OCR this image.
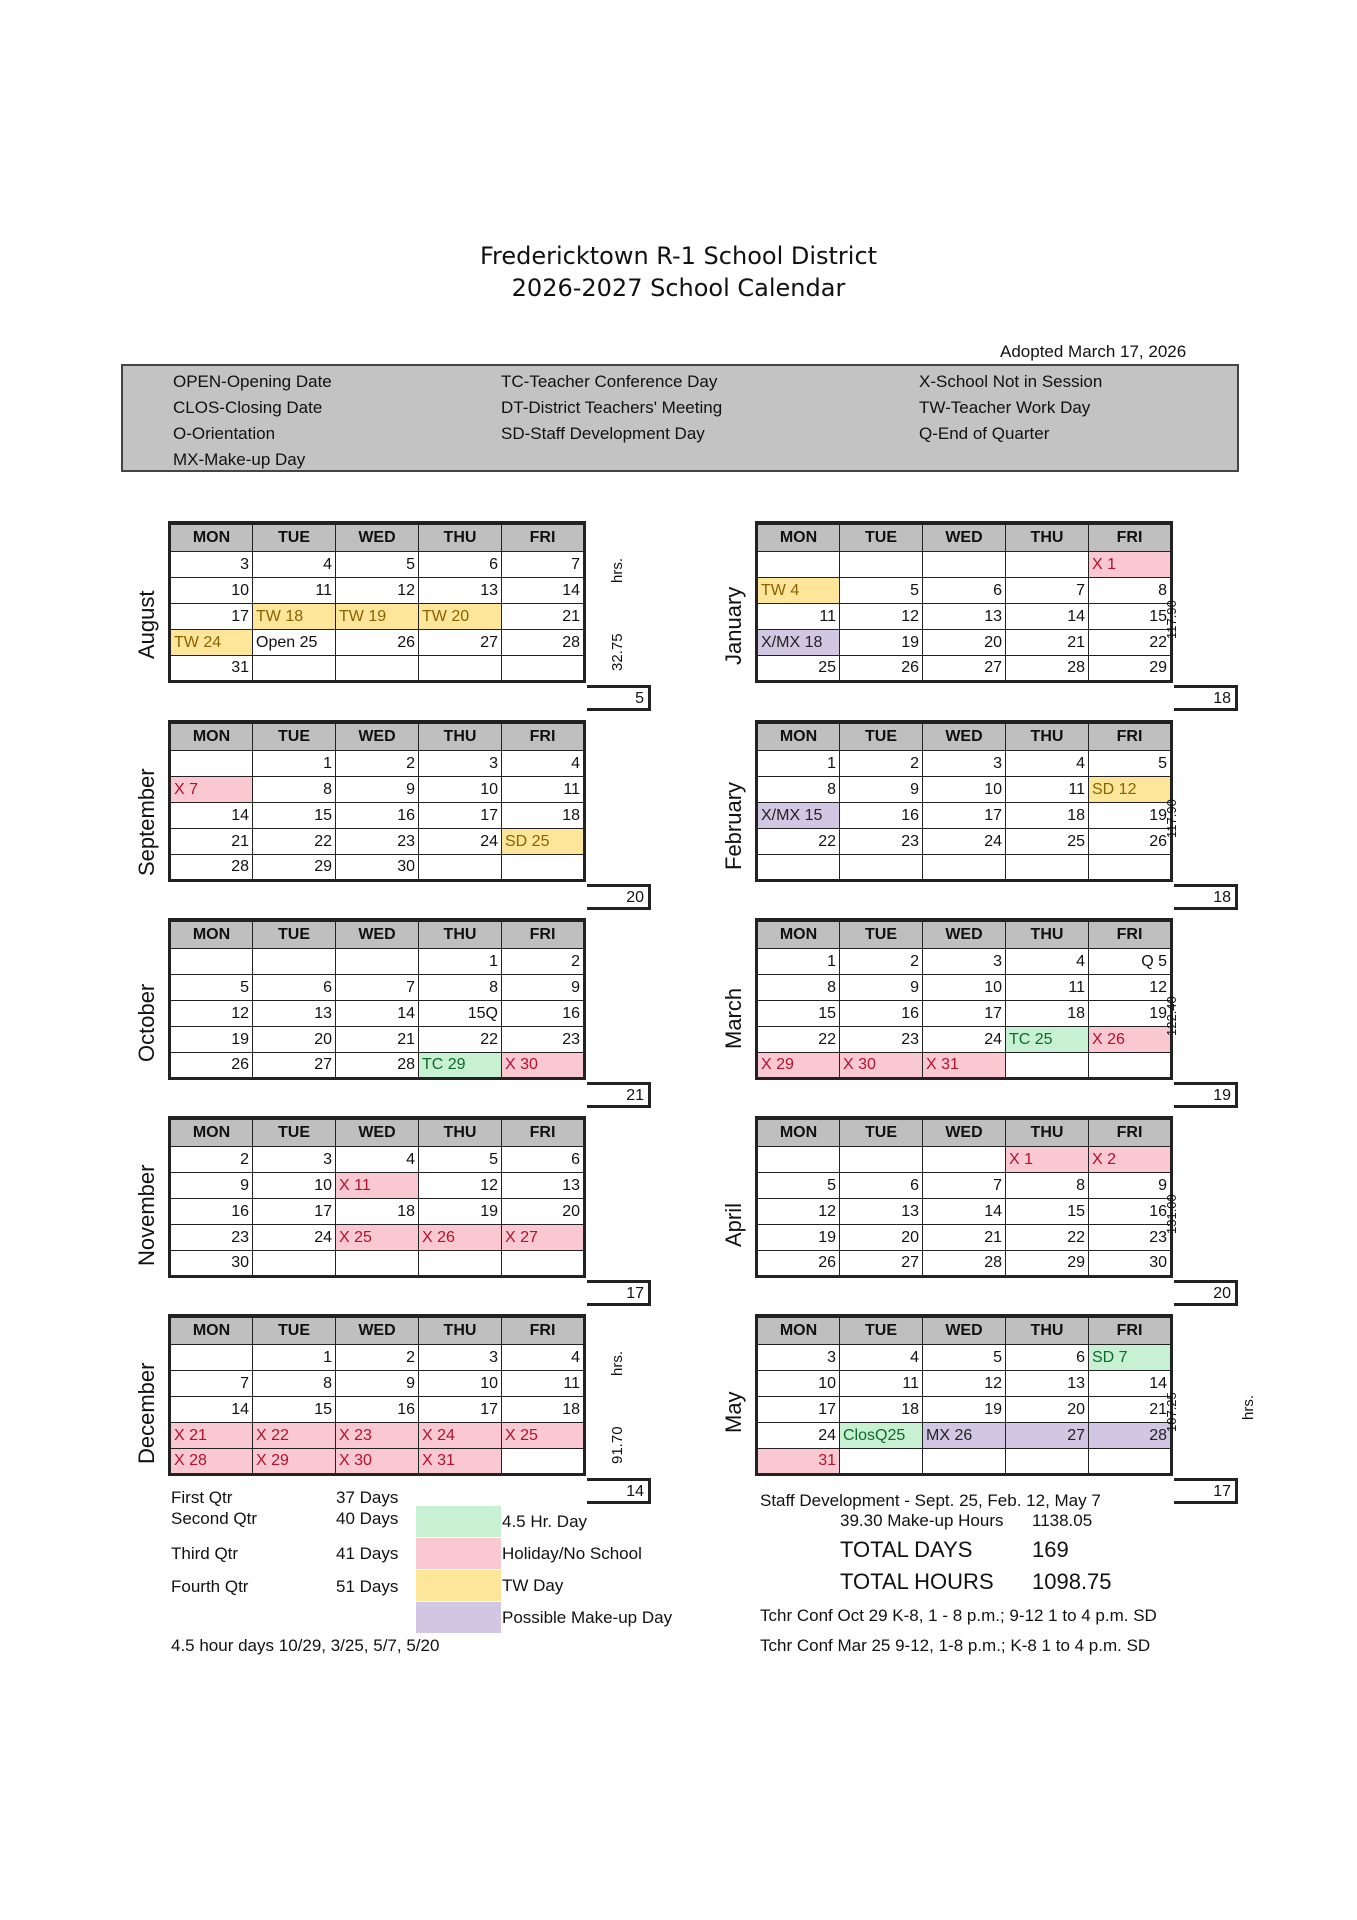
Fredericktown R-1 School District
2026-2027 School Calendar
Adopted March 17, 2026
OPEN-Opening Date
CLOS-Closing Date
O-Orientation
MX-Make-up Day
TC-Teacher Conference Day
DT-District Teachers' Meeting
SD-Staff Development Day
X-School Not in Session
TW-Teacher Work Day
Q-End of Quarter
MON	TUE	WED	THU	FRI
3	4	5	6	7
10	11	12	13	14
17	TW 18	TW 19	TW 20	21
TW 24	Open 25	26	27	28
31				
August
5
hrs.
32.75
MON	TUE	WED	THU	FRI
	1	2	3	4
X 7	8	9	10	11
14	15	16	17	18
21	22	23	24	SD 25
28	29	30		
September
20
MON	TUE	WED	THU	FRI
			1	2
5	6	7	8	9
12	13	14	15Q	16
19	20	21	22	23
26	27	28	TC 29	X 30
October
21
MON	TUE	WED	THU	FRI
2	3	4	5	6
9	10	X 11	12	13
16	17	18	19	20
23	24	X 25	X 26	X 27
30				
November
17
MON	TUE	WED	THU	FRI
	1	2	3	4
7	8	9	10	11
14	15	16	17	18
X 21	X 22	X 23	X 24	X 25
X 28	X 29	X 30	X 31	
December
14
hrs.
91.70
MON	TUE	WED	THU	FRI
				X 1
TW 4	5	6	7	8
11	12	13	14	15
X/MX 18	19	20	21	22
25	26	27	28	29
January
18
117.90
MON	TUE	WED	THU	FRI
1	2	3	4	5
8	9	10	11	SD 12
X/MX 15	16	17	18	19
22	23	24	25	26

February
18
117.90
MON	TUE	WED	THU	FRI
1	2	3	4	Q 5
8	9	10	11	12
15	16	17	18	19
22	23	24	TC 25	X 26
X 29	X 30	X 31		
March
19
122.40
MON	TUE	WED	THU	FRI
			X 1	X 2
5	6	7	8	9
12	13	14	15	16
19	20	21	22	23
26	27	28	29	30
April
20
131.00
MON	TUE	WED	THU	FRI
3	4	5	6	SD 7
10	11	12	13	14
17	18	19	20	21
24	ClosQ25	MX 26	27	28
31				
May
17
107.25	hrs.
First Qtr	37 Days
Second Qtr	40 Days
Third Qtr	41 Days
Fourth Qtr	51 Days
4.5 hour days 10/29, 3/25, 5/7, 5/20
4.5 Hr. Day
Holiday/No School
TW Day
Possible Make-up Day
Staff Development - Sept. 25, Feb. 12, May 7
39.30 Make-up Hours 1138.05
TOTAL DAYS	169
TOTAL HOURS 1098.75
Tchr Conf Oct 29 K-8, 1 - 8 p.m.; 9-12 1 to 4 p.m. SD
Tchr Conf Mar 25 9-12, 1-8 p.m.; K-8 1 to 4 p.m. SD
